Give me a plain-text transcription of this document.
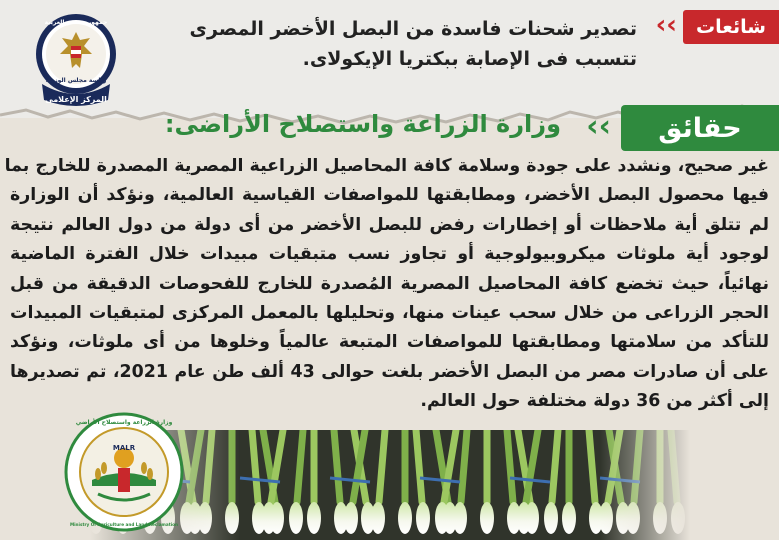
شائعات
‹ ‹
تصدير شحنات فاسدة من البصل الأخضر المصرى تتسبب فى الإصابة ببكتريا الإيكولاى.
المركز الإعلامى
جمهورية مصر العربية
رئاسة مجلس الوزراء
حقائق
‹ ‹
وزارة الزراعة واستصلاح الأراضى:
غير صحيح، ونشدد على جودة وسلامة كافة المحاصيل الزراعية المصرية المصدرة للخارج بما
فيها محصول البصل الأخضر، ومطابقتها للمواصفات القياسية العالمية، ونؤكد أن الوزارة
لم تتلق أية ملاحظات أو إخطارات رفض للبصل الأخضر من أى دولة من دول العالم نتيجة
لوجود أية ملوثات ميكروبيولوجية أو تجاوز نسب متبقيات مبيدات خلال الفترة الماضية
نهائياً، حيث تخضع كافة المحاصيل المصرية المُصدرة للخارج للفحوصات الدقيقة من قبل
الحجر الزراعى من خلال سحب عينات منها، وتحليلها بالمعمل المركزى لمتبقيات المبيدات
للتأكد من سلامتها ومطابقتها للمواصفات المتبعة عالمياً وخلوها من أى ملوثات، ونؤكد
على أن صادرات مصر من البصل الأخضر بلغت حوالى 43 ألف طن عام 2021، تم تصديرها
إلى أكثر من 36 دولة مختلفة حول العالم.
MALR
وزارة الزراعة واستصلاح الأراضي
Ministry Of Agriculture and Land Reclamation
